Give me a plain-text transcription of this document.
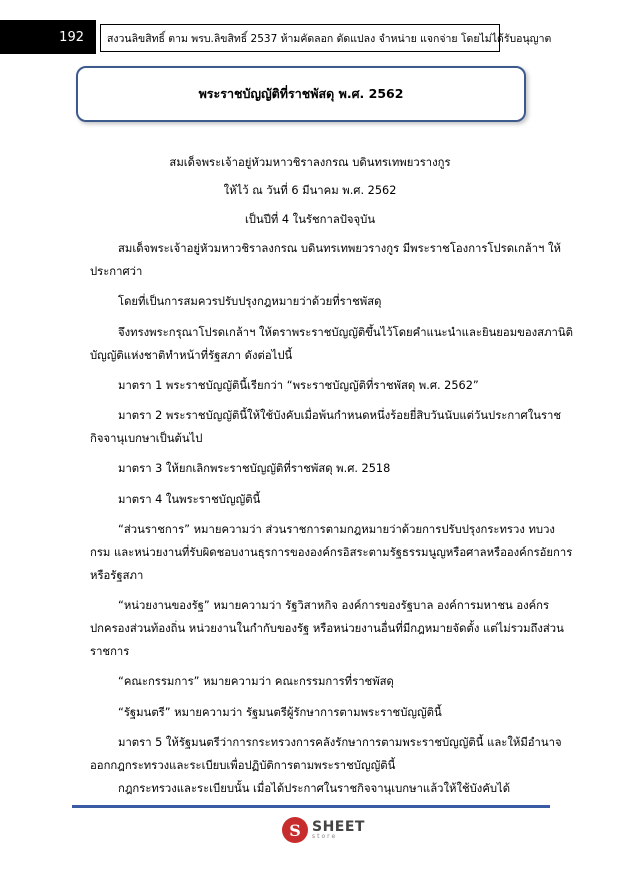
192	สงวนลิขสิทธิ์ ตาม พรบ.ลิขสิทธิ์ 2537 ห้ามคัดลอก ดัดแปลง จำหน่าย แจกจ่าย โดยไม่ได้รับอนุญาต
พระราชบัญญัติที่ราชพัสดุ พ.ศ. 2562
สมเด็จพระเจ้าอยู่หัวมหาวชิราลงกรณ บดินทรเทพยวรางกูร
ให้ไว้ ณ วันที่ 6 มีนาคม พ.ศ. 2562
เป็นปีที่ 4 ในรัชกาลปัจจุบัน
สมเด็จพระเจ้าอยู่หัวมหาวชิราลงกรณ บดินทรเทพยวรางกูร มีพระราชโองการโปรดเกล้าฯ ให้
ประกาศว่า
โดยที่เป็นการสมควรปรับปรุงกฎหมายว่าด้วยที่ราชพัสดุ
จึงทรงพระกรุณาโปรดเกล้าฯ ให้ตราพระราชบัญญัติขึ้นไว้โดยคำแนะนำและยินยอมของสภานิติ
บัญญัติแห่งชาติทำหน้าที่รัฐสภา ดังต่อไปนี้
มาตรา 1 พระราชบัญญัตินี้เรียกว่า “พระราชบัญญัติที่ราชพัสดุ พ.ศ. 2562”
มาตรา 2 พระราชบัญญัตินี้ให้ใช้บังคับเมื่อพ้นกำหนดหนึ่งร้อยยี่สิบวันนับแต่วันประกาศในราช
กิจจานุเบกษาเป็นต้นไป
มาตรา 3 ให้ยกเลิกพระราชบัญญัติที่ราชพัสดุ พ.ศ. 2518
มาตรา 4 ในพระราชบัญญัตินี้
“ส่วนราชการ” หมายความว่า ส่วนราชการตามกฎหมายว่าด้วยการปรับปรุงกระทรวง ทบวง
กรม และหน่วยงานที่รับผิดชอบงานธุรการขององค์กรอิสระตามรัฐธรรมนูญหรือศาลหรือองค์กรอัยการ
หรือรัฐสภา
“หน่วยงานของรัฐ” หมายความว่า รัฐวิสาหกิจ องค์การของรัฐบาล องค์การมหาชน องค์กร
ปกครองส่วนท้องถิ่น หน่วยงานในกำกับของรัฐ หรือหน่วยงานอื่นที่มีกฎหมายจัดตั้ง แต่ไม่รวมถึงส่วน
ราชการ
“คณะกรรมการ” หมายความว่า คณะกรรมการที่ราชพัสดุ
“รัฐมนตรี” หมายความว่า รัฐมนตรีผู้รักษาการตามพระราชบัญญัตินี้
มาตรา 5 ให้รัฐมนตรีว่าการกระทรวงการคลังรักษาการตามพระราชบัญญัตินี้ และให้มีอำนาจ
ออกกฎกระทรวงและระเบียบเพื่อปฏิบัติการตามพระราชบัญญัตินี้
กฎกระทรวงและระเบียบนั้น เมื่อได้ประกาศในราชกิจจานุเบกษาแล้วให้ใช้บังคับได้
S SHEET
store
